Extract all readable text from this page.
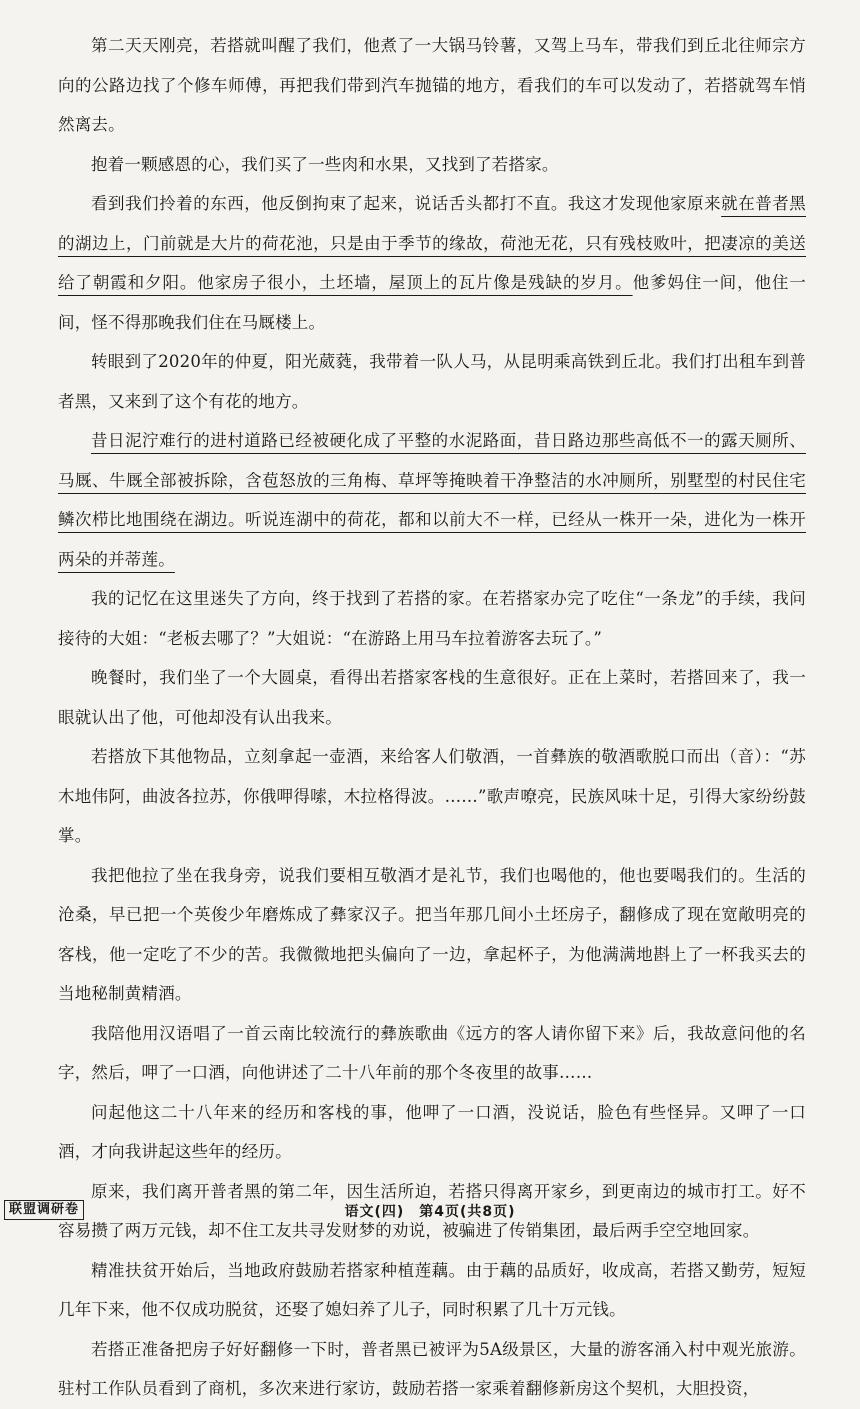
第二天天刚亮，若搭就叫醒了我们，他煮了一大锅马铃薯，又驾上马车，带我们到丘北往师宗方向的公路边找了个修车师傅，再把我们带到汽车抛锚的地方，看我们的车可以发动了，若搭就驾车悄然离去。

抱着一颗感恩的心，我们买了一些肉和水果，又找到了若搭家。

看到我们拎着的东西，他反倒拘束了起来，说话舌头都打不直。我这才发现他家原来就在普者黑的湖边上，门前就是大片的荷花池，只是由于季节的缘故，荷池无花，只有残枝败叶，把凄凉的美送给了朝霞和夕阳。他家房子很小，土坯墙，屋顶上的瓦片像是残缺的岁月。他爹妈住一间，他住一间，怪不得那晚我们住在马厩楼上。

转眼到了2020年的仲夏，阳光葳蕤，我带着一队人马，从昆明乘高铁到丘北。我们打出租车到普者黑，又来到了这个有花的地方。

昔日泥泞难行的进村道路已经被硬化成了平整的水泥路面，昔日路边那些高低不一的露天厕所、马厩、牛厩全部被拆除，含苞怒放的三角梅、草坪等掩映着干净整洁的水冲厕所，别墅型的村民住宅鳞次栉比地围绕在湖边。听说连湖中的荷花，都和以前大不一样，已经从一株开一朵，进化为一株开两朵的并蒂莲。

我的记忆在这里迷失了方向，终于找到了若搭的家。在若搭家办完了吃住“一条龙”的手续，我问接待的大姐：“老板去哪了？”大姐说：“在游路上用马车拉着游客去玩了。”

晚餐时，我们坐了一个大圆桌，看得出若搭家客栈的生意很好。正在上菜时，若搭回来了，我一眼就认出了他，可他却没有认出我来。

若搭放下其他物品，立刻拿起一壶酒，来给客人们敬酒，一首彝族的敬酒歌脱口而出（音）：“苏木地伟阿，曲波各拉苏，你俄呷得嗦，木拉格得波。……”歌声嘹亮，民族风味十足，引得大家纷纷鼓掌。

我把他拉了坐在我身旁，说我们要相互敬酒才是礼节，我们也喝他的，他也要喝我们的。生活的沧桑，早已把一个英俊少年磨炼成了彝家汉子。把当年那几间小土坯房子，翻修成了现在宽敞明亮的客栈，他一定吃了不少的苦。我微微地把头偏向了一边，拿起杯子，为他满满地斟上了一杯我买去的当地秘制黄精酒。

我陪他用汉语唱了一首云南比较流行的彝族歌曲《远方的客人请你留下来》后，我故意问他的名字，然后，呷了一口酒，向他讲述了二十八年前的那个冬夜里的故事……

问起他这二十八年来的经历和客栈的事，他呷了一口酒，没说话，脸色有些怪异。又呷了一口酒，才向我讲起这些年的经历。

原来，我们离开普者黑的第二年，因生活所迫，若搭只得离开家乡，到更南边的城市打工。好不容易攒了两万元钱，却不住工友共寻发财梦的劝说，被骗进了传销集团，最后两手空空地回家。

精准扶贫开始后，当地政府鼓励若搭家种植莲藕。由于藕的品质好，收成高，若搭又勤劳，短短几年下来，他不仅成功脱贫，还娶了媳妇养了儿子，同时积累了几十万元钱。

若搭正准备把房子好好翻修一下时，普者黑已被评为5A级景区，大量的游客涌入村中观光旅游。驻村工作队员看到了商机，多次来进行家访，鼓励若搭一家乘着翻修新房这个契机，大胆投资，

联盟调研卷	语文(四)　第4页(共8页)
